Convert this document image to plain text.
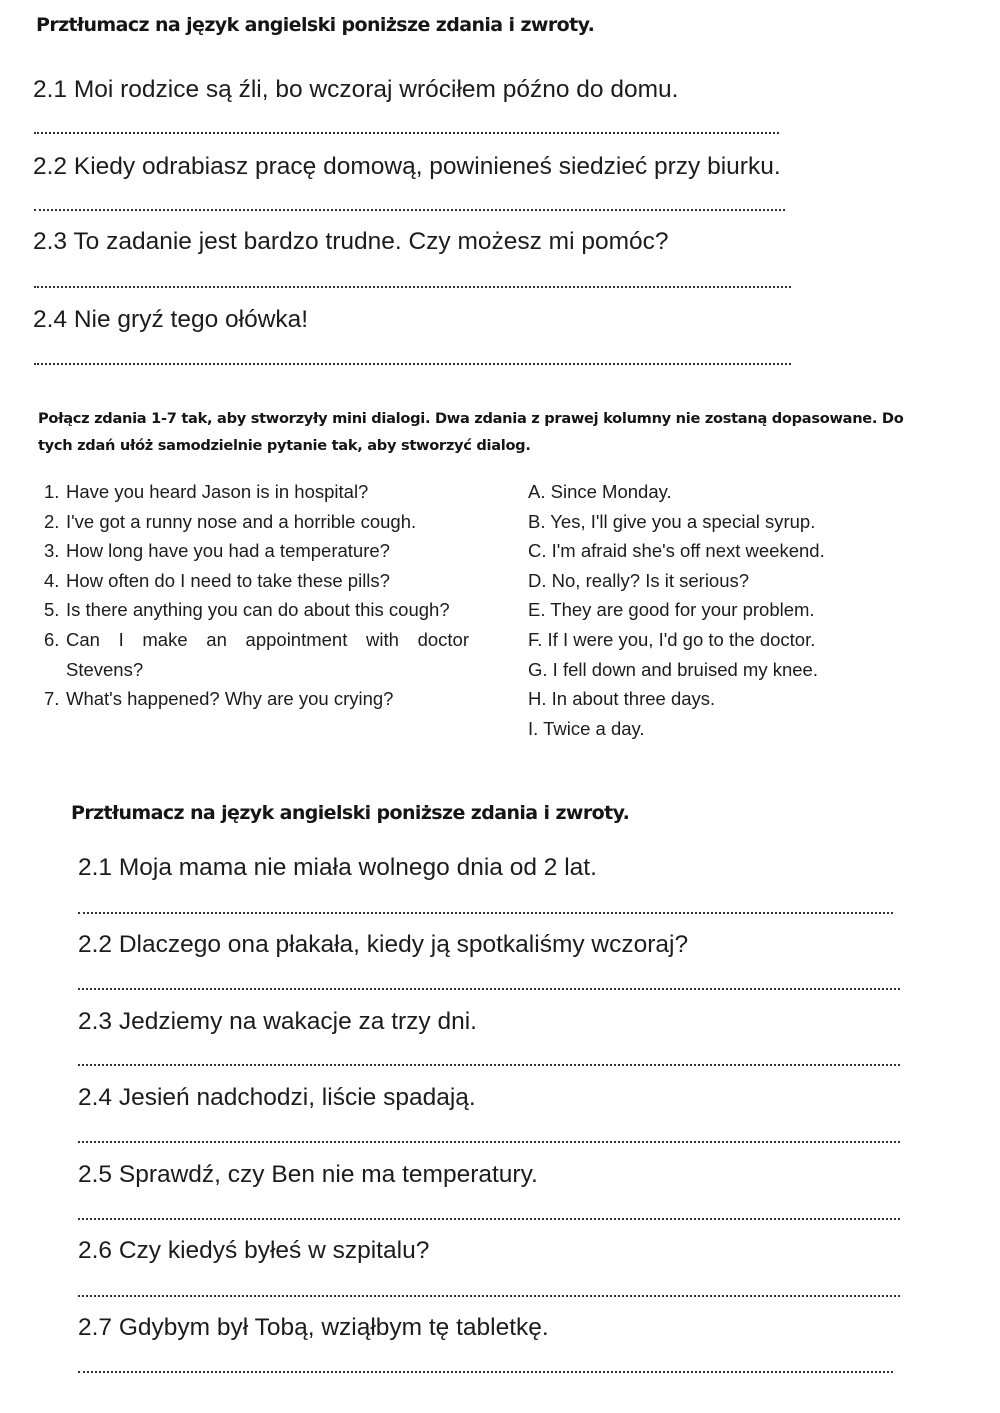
Prztłumacz na język angielski poniższe zdania i zwroty.
2.1 Moi rodzice są źli, bo wczoraj wróciłem późno do domu.
2.2 Kiedy odrabiasz pracę domową, powinieneś siedzieć przy biurku.
2.3 To zadanie jest bardzo trudne. Czy możesz mi pomóc?
2.4 Nie gryź tego ołówka!
Połącz zdania 1-7 tak, aby stworzyły mini dialogi. Dwa zdania z prawej kolumny nie zostaną dopasowane. Do
tych zdań ułóż samodzielnie pytanie tak, aby stworzyć dialog.
1. Have you heard Jason is in hospital?
2. I've got a runny nose and a horrible cough.
3. How long have you had a temperature?
4. How often do I need to take these pills?
5. Is there anything you can do about this cough?
6. Can I make an appointment with doctor Stevens?
7. What's happened? Why are you crying?
A. Since Monday.
B. Yes, I'll give you a special syrup.
C. I'm afraid she's off next weekend.
D. No, really? Is it serious?
E. They are good for your problem.
F. If I were you, I'd go to the doctor.
G. I fell down and bruised my knee.
H. In about three days.
I. Twice a day.
Prztłumacz na język angielski poniższe zdania i zwroty.
2.1 Moja mama nie miała wolnego dnia od 2 lat.
2.2 Dlaczego ona płakała, kiedy ją spotkaliśmy wczoraj?
2.3 Jedziemy na wakacje za trzy dni.
2.4 Jesień nadchodzi, liście spadają.
2.5 Sprawdź, czy Ben nie ma temperatury.
2.6 Czy kiedyś byłeś w szpitalu?
2.7 Gdybym był Tobą, wziąłbym tę tabletkę.
